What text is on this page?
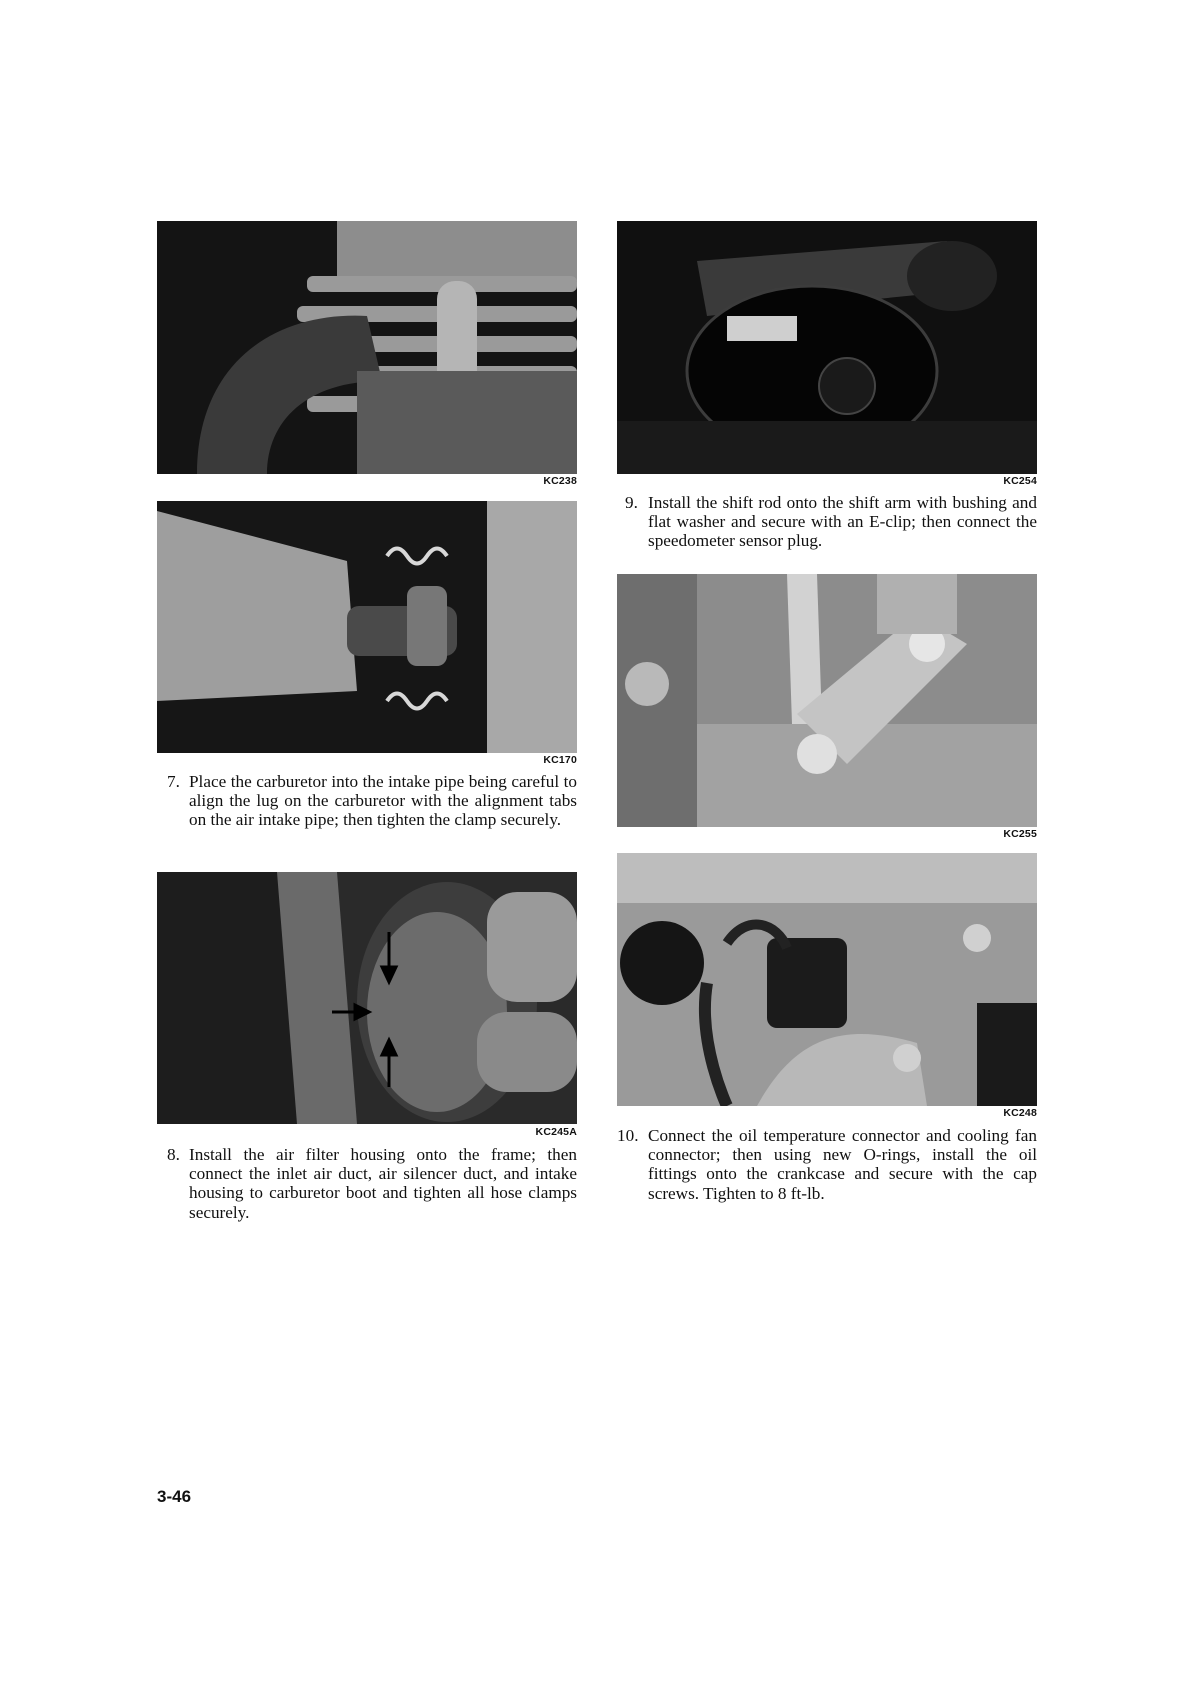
KC238
KC170
7. Place the carburetor into the intake pipe being careful to align the lug on the carburetor with the alignment tabs on the air intake pipe; then tighten the clamp securely.
KC245A
8. Install the air filter housing onto the frame; then connect the inlet air duct, air silencer duct, and intake housing to carburetor boot and tighten all hose clamps securely.
KC254
9. Install the shift rod onto the shift arm with bushing and flat washer and secure with an E-clip; then connect the speedometer sensor plug.
KC255
KC248
10. Connect the oil temperature connector and cooling fan connector; then using new O-rings, install the oil fittings onto the crankcase and secure with the cap screws. Tighten to 8 ft-lb.
3-46
